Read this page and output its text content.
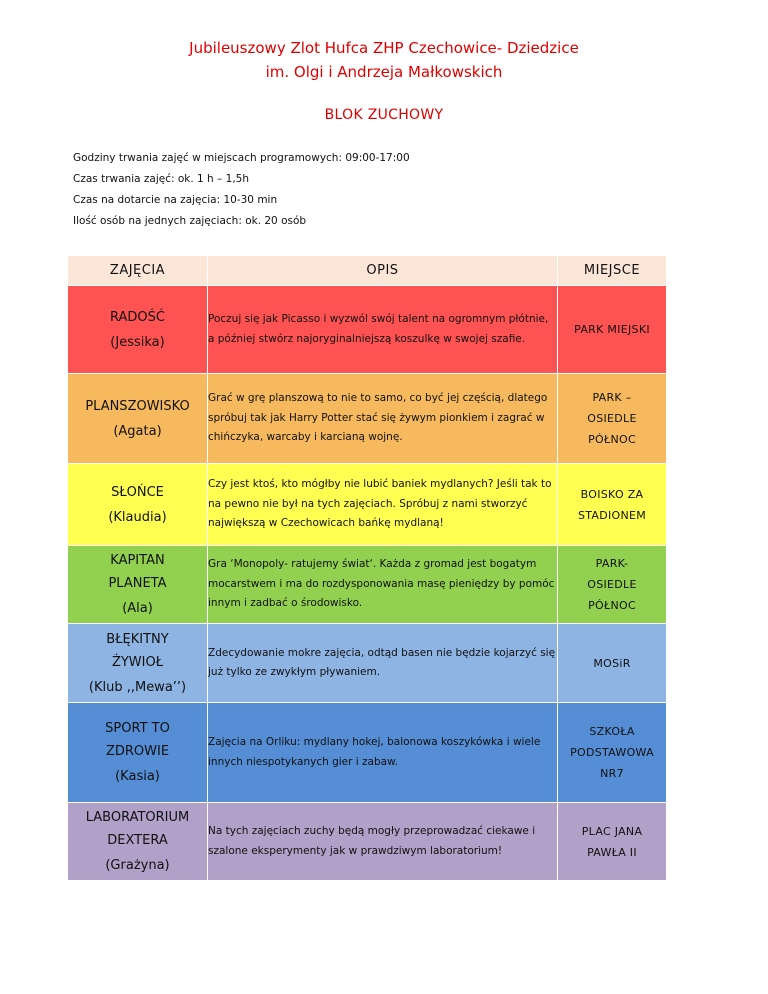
Jubileuszowy Zlot Hufca ZHP Czechowice- Dziedzice
im. Olgi i Andrzeja Małkowskich
BLOK ZUCHOWY
Godziny trwania zajęć w miejscach programowych: 09:00-17:00
Czas trwania zajęć: ok. 1 h – 1,5h
Czas na dotarcie na zajęcia: 10-30 min
Ilość osób na jednych zajęciach: ok. 20 osób
ZAJĘCIA	OPIS	MIEJSCE

RADOŚĆ
(Jessika)	Poczuj się jak Picasso i wyzwól swój talent na ogromnym płótnie, a później stwórz najoryginalniejszą koszulkę w swojej szafie.	PARK MIEJSKI

PLANSZOWISKO
(Agata)	Grać w grę planszową to nie to samo, co być jej częścią, dlatego spróbuj tak jak Harry Potter stać się żywym pionkiem i zagrać w chińczyka, warcaby i karcianą wojnę.	PARK –
OSIEDLE
PÓŁNOC

SŁOŃCE
(Klaudia)	Czy jest ktoś, kto mógłby nie lubić baniek mydlanych? Jeśli tak to na pewno nie był na tych zajęciach. Spróbuj z nami stworzyć największą w Czechowicach bańkę mydlaną!	BOISKO ZA
STADIONEM

KAPITAN
PLANETA
(Ala)	Gra ‘Monopoly- ratujemy świat‘. Każda z gromad jest bogatym mocarstwem i ma do rozdysponowania masę pieniędzy by pomóc innym i zadbać o środowisko.	PARK-
OSIEDLE
PÓŁNOC

BŁĘKITNY
ŻYWIOŁ
(Klub ,,Mewa’’)	Zdecydowanie mokre zajęcia, odtąd basen nie będzie kojarzyć się już tylko ze zwykłym pływaniem.	MOSiR

SPORT TO
ZDROWIE
(Kasia)	Zajęcia na Orliku: mydlany hokej, balonowa koszykówka i wiele innych niespotykanych gier i zabaw.	SZKOŁA
PODSTAWOWA
NR7

LABORATORIUM
DEXTERA
(Grażyna)	Na tych zajęciach zuchy będą mogły przeprowadzać ciekawe i szalone eksperymenty jak w prawdziwym laboratorium!	PLAC JANA
PAWŁA II
